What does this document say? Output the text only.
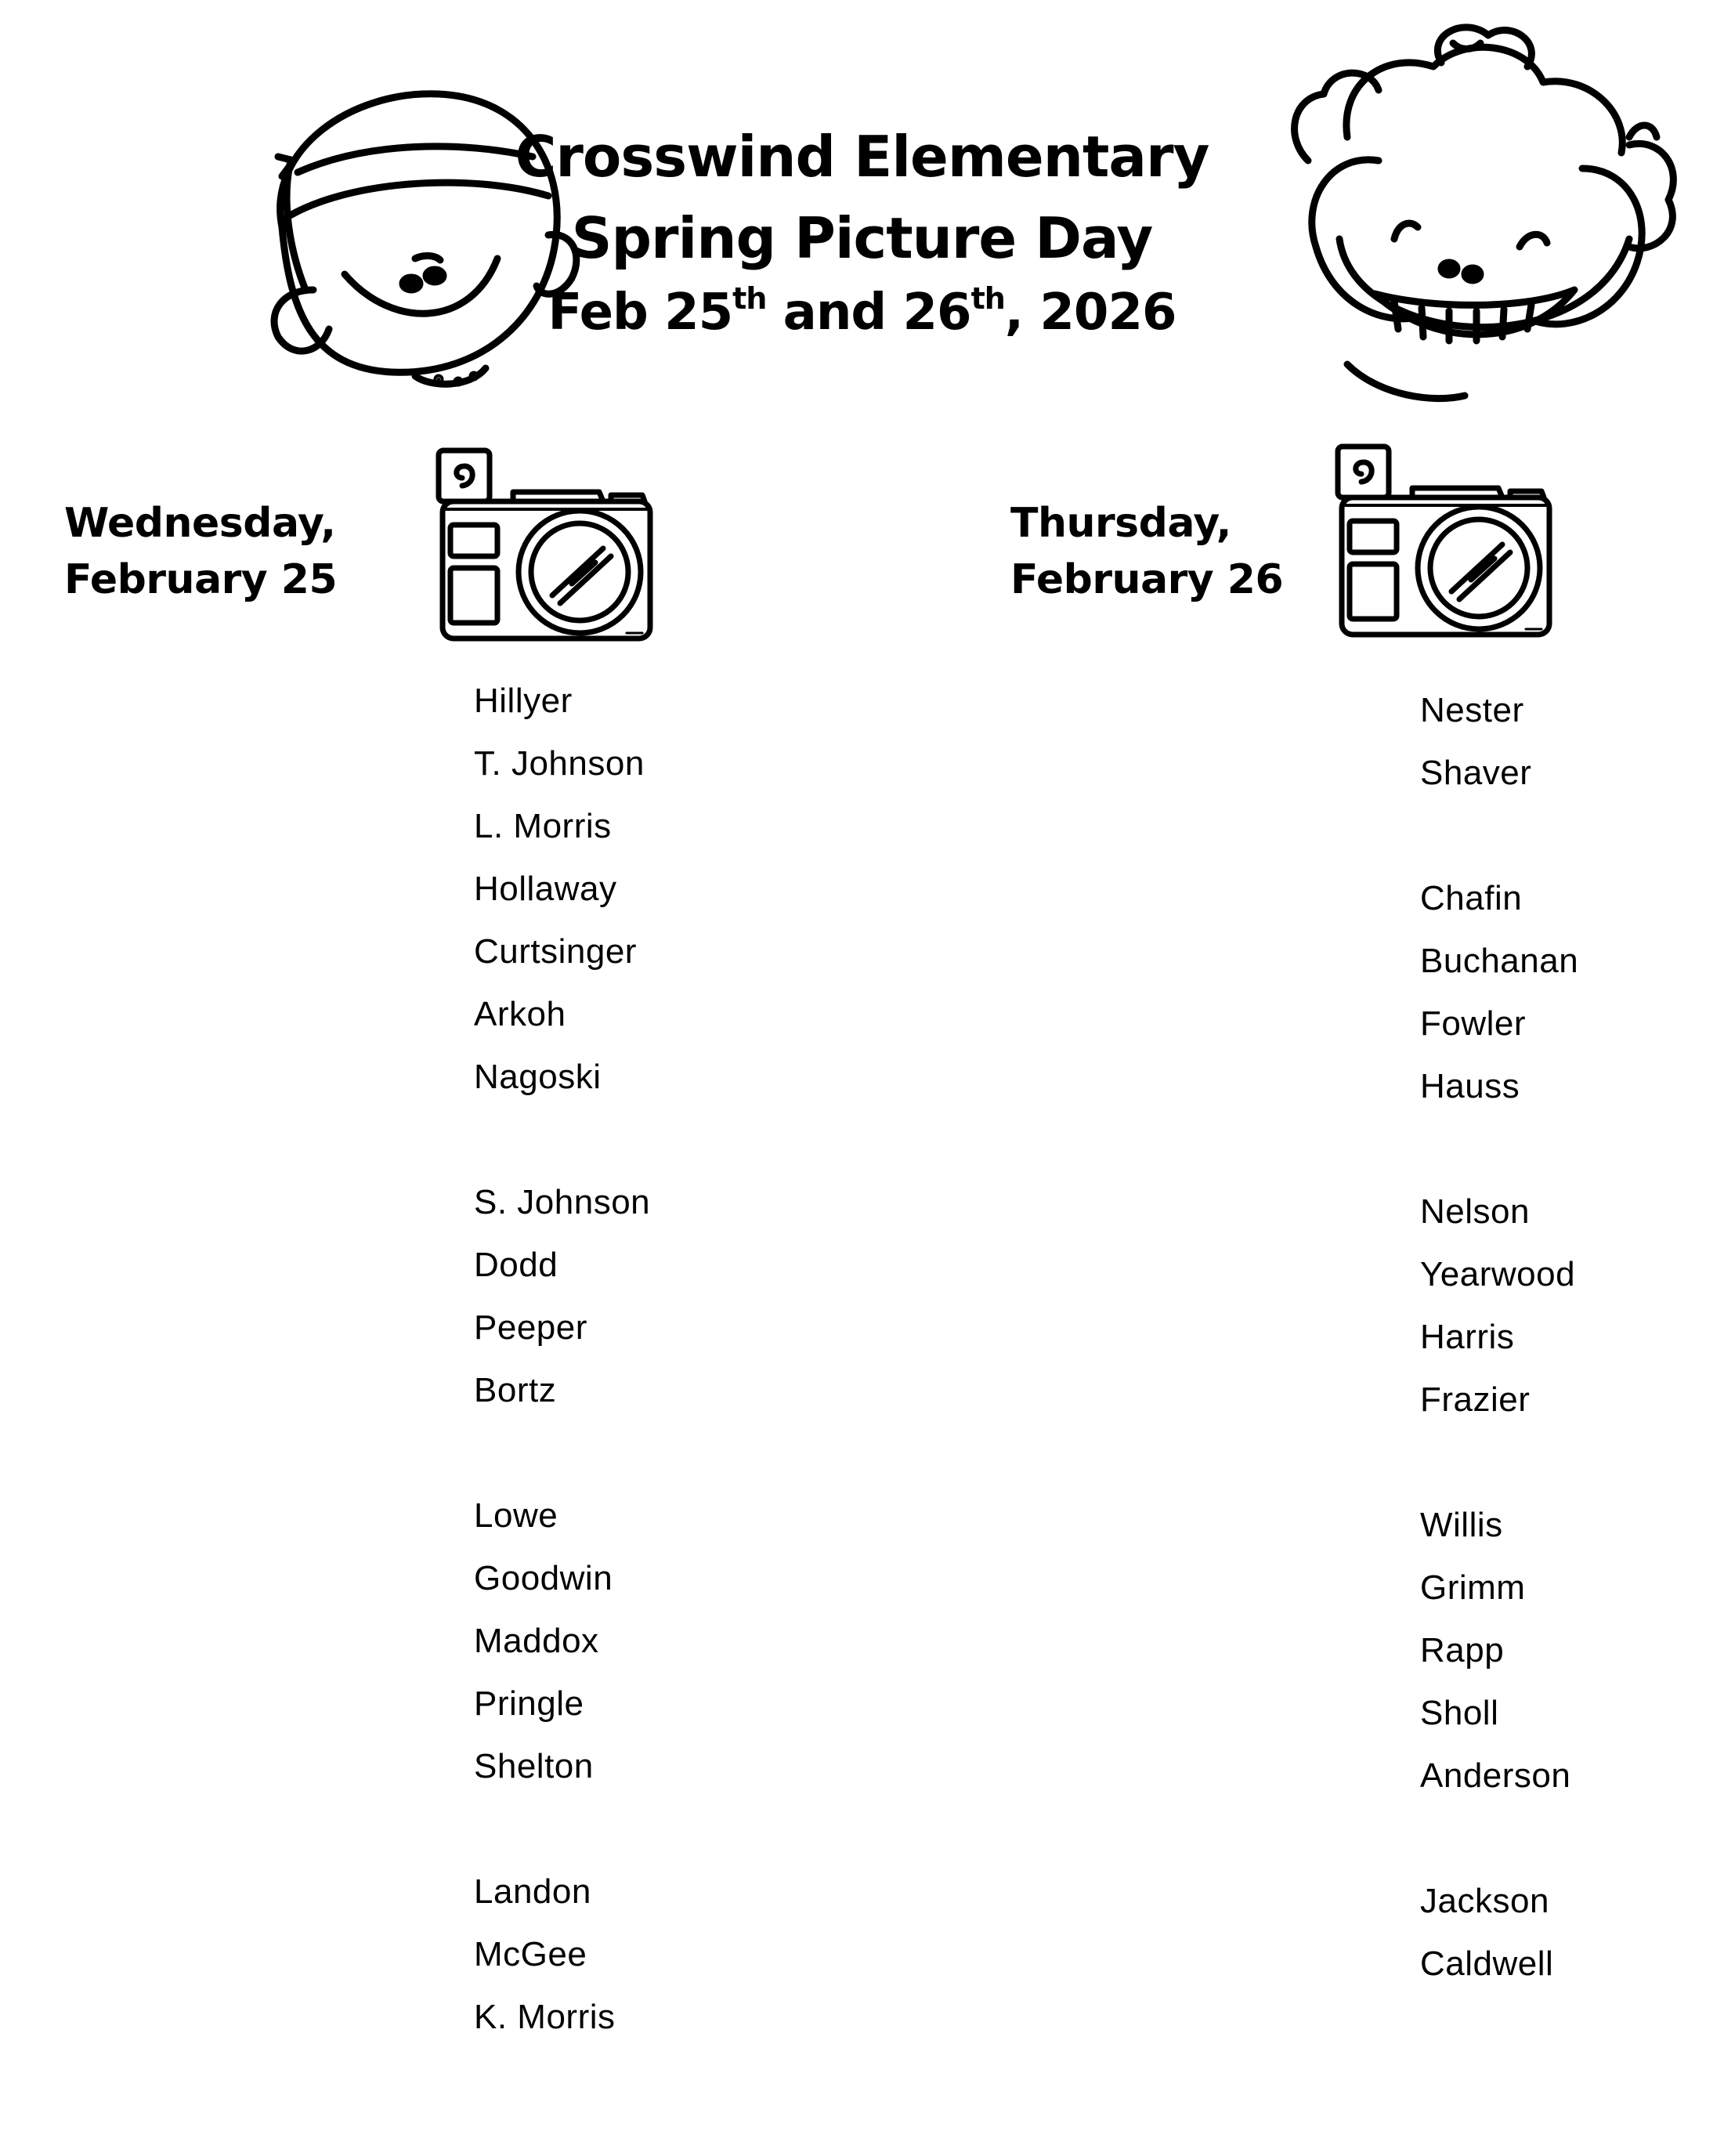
Crosswind Elementary
Spring Picture Day
Feb 25th and 26th, 2026
Wednesday,
February 25
Hillyer
T. Johnson
L. Morris
Hollaway
Curtsinger
Arkoh
Nagoski
S. Johnson
Dodd
Peeper
Bortz
Lowe
Goodwin
Maddox
Pringle
Shelton
Landon
McGee
K. Morris
Thursday,
February 26
Nester
Shaver
Chafin
Buchanan
Fowler
Hauss
Nelson
Yearwood
Harris
Frazier
Willis
Grimm
Rapp
Sholl
Anderson
Jackson
Caldwell
